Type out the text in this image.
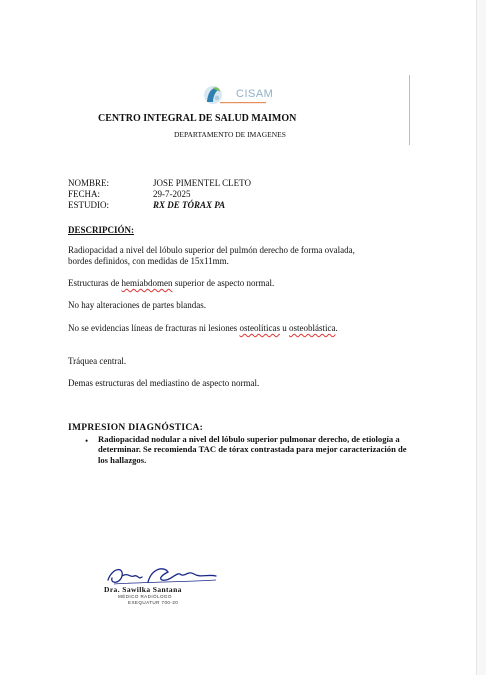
CISAM
CENTRO INTEGRAL DE SALUD MAIMON
DEPARTAMENTO DE IMAGENES
NOMBRE:	JOSE PIMENTEL CLETO
FECHA:	29-7-2025
ESTUDIO:	RX DE TÓRAX PA
DESCRIPCIÓN:
Radiopacidad a nivel del lóbulo superior del pulmón derecho de forma ovalada, bordes definidos, con medidas de 15x11mm.
Estructuras de hemiabdomen superior de aspecto normal.
No hay alteraciones de partes blandas.
No se evidencias líneas de fracturas ni lesiones osteolíticas u osteoblástica.
Tráquea central.
Demas estructuras del mediastino de aspecto normal.
IMPRESION DIAGNÓSTICA:
•	Radiopacidad nodular a nivel del lóbulo superior pulmonar derecho, de etiología a determinar. Se recomienda TAC de tórax contrastada para mejor caracterización de los hallazgos.
Dra. Sawilka Santana
MÉDICO RADIÓLOGO
EXEQUATUR 700-20
